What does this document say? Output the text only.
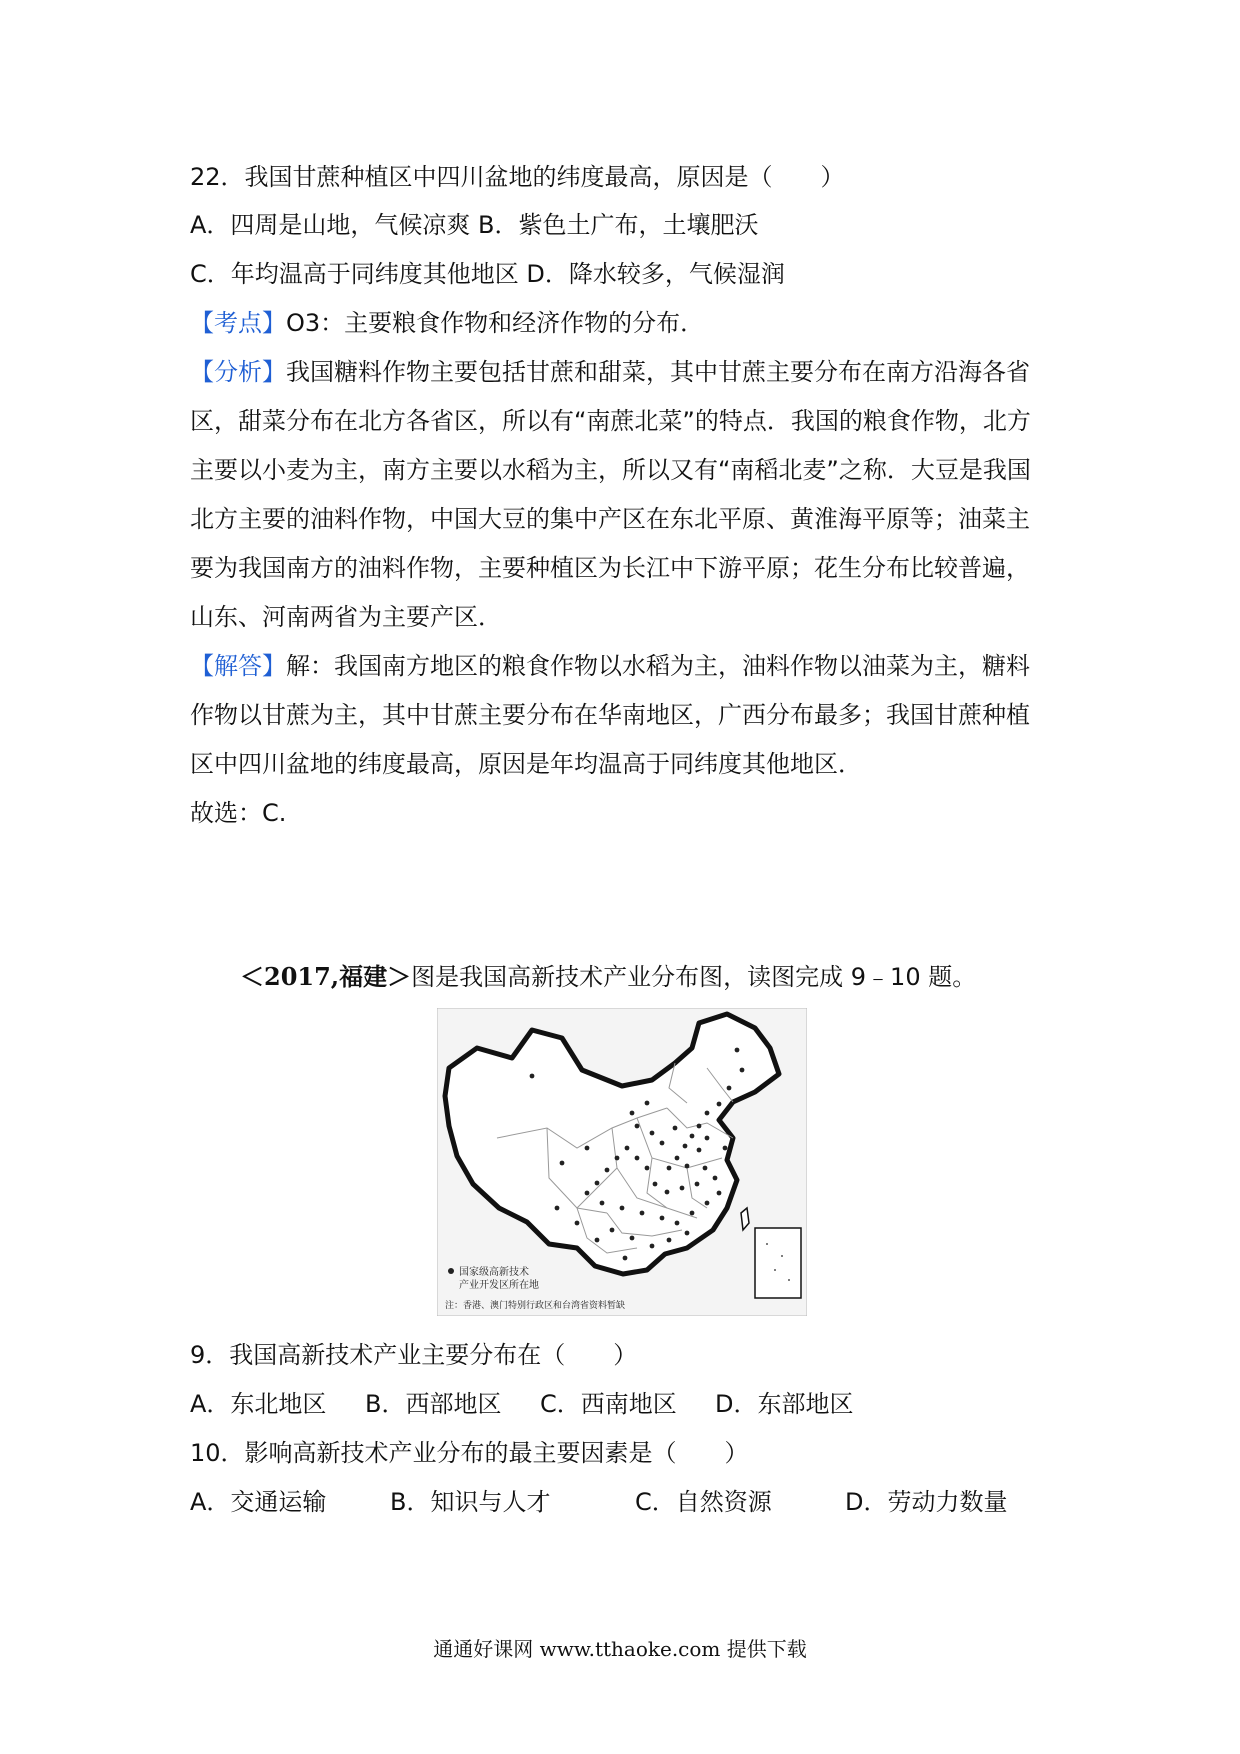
22．我国甘蔗种植区中四川盆地的纬度最高，原因是（　　）
A．四周是山地，气候凉爽 B．紫色土广布，土壤肥沃
C．年均温高于同纬度其他地区 D．降水较多，气候湿润
【考点】O3：主要粮食作物和经济作物的分布．
【分析】我国糖料作物主要包括甘蔗和甜菜，其中甘蔗主要分布在南方沿海各省
区，甜菜分布在北方各省区，所以有“南蔗北菜”的特点．我国的粮食作物，北方
主要以小麦为主，南方主要以水稻为主，所以又有“南稻北麦”之称．大豆是我国
北方主要的油料作物，中国大豆的集中产区在东北平原、黄淮海平原等；油菜主
要为我国南方的油料作物，主要种植区为长江中下游平原；花生分布比较普遍，
山东、河南两省为主要产区．
【解答】解：我国南方地区的粮食作物以水稻为主，油料作物以油菜为主，糖料
作物以甘蔗为主，其中甘蔗主要分布在华南地区，广西分布最多；我国甘蔗种植
区中四川盆地的纬度最高，原因是年均温高于同纬度其他地区．
故选：C.
＜2017,福建＞图是我国高新技术产业分布图，读图完成 9﹣10 题。
国家级高新技术
产业开发区所在地
注：香港、澳门特别行政区和台湾省资料暂缺
9．我国高新技术产业主要分布在（　　）
A．东北地区 B．西部地区 C．西南地区 D．东部地区
10．影响高新技术产业分布的最主要因素是（　　）
A．交通运输	B．知识与人才	C．自然资源	D．劳动力数量
通通好课网 www.tthaoke.com 提供下载
